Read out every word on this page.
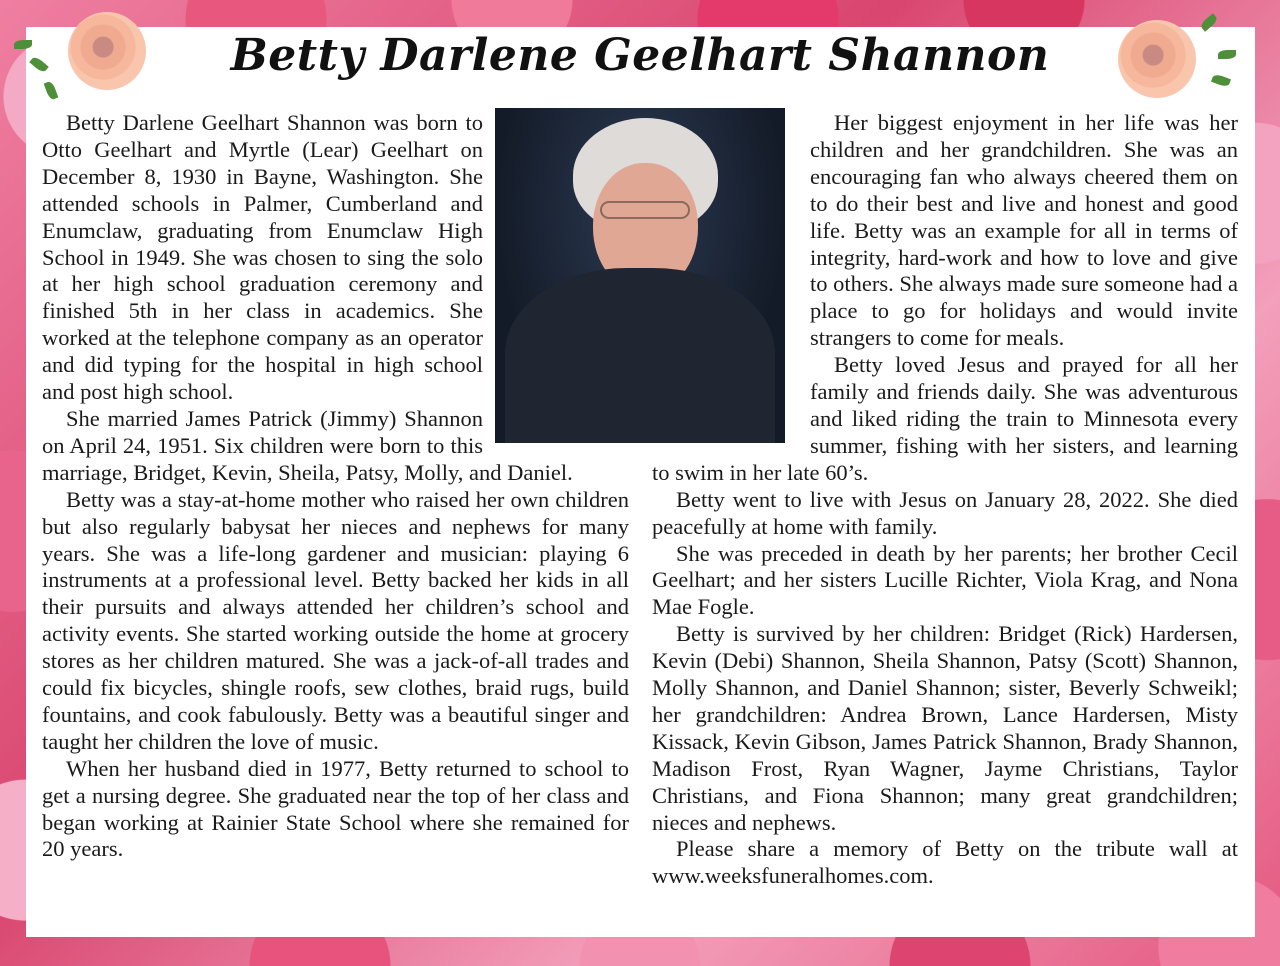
Betty Darlene Geelhart Shannon

Betty Darlene Geelhart Shannon was born to Otto Geelhart and Myrtle (Lear) Geelhart on December 8, 1930 in Bayne, Washington. She attended schools in Palmer, Cumberland and Enumclaw, graduating from Enumclaw High School in 1949. She was chosen to sing the solo at her high school graduation ceremony and finished 5th in her class in academics. She worked at the telephone company as an operator and did typing for the hospital in high school and post high school.

She married James Patrick (Jimmy) Shannon on April 24, 1951. Six children were born to this marriage, Bridget, Kevin, Sheila, Patsy, Molly, and Daniel.

Betty was a stay-at-home mother who raised her own children but also regularly babysat her nieces and nephews for many years. She was a life-long gardener and musician: playing 6 instruments at a professional level. Betty backed her kids in all their pursuits and always attended her children’s school and activity events. She started working outside the home at grocery stores as her children matured. She was a jack-of-all trades and could fix bicycles, shingle roofs, sew clothes, braid rugs, build fountains, and cook fabulously. Betty was a beautiful singer and taught her children the love of music.

When her husband died in 1977, Betty returned to school to get a nursing degree. She graduated near the top of her class and began working at Rainier State School where she remained for 20 years.

Her biggest enjoyment in her life was her children and her grandchildren. She was an encouraging fan who always cheered them on to do their best and live and honest and good life. Betty was an example for all in terms of integrity, hard-work and how to love and give to others. She always made sure someone had a place to go for holidays and would invite strangers to come for meals.

Betty loved Jesus and prayed for all her family and friends daily. She was adventurous and liked riding the train to Minnesota every summer, fishing with her sisters, and learning to swim in her late 60’s.

Betty went to live with Jesus on January 28, 2022. She died peacefully at home with family.

She was preceded in death by her parents; her brother Cecil Geelhart; and her sisters Lucille Richter, Viola Krag, and Nona Mae Fogle.

Betty is survived by her children: Bridget (Rick) Hardersen, Kevin (Debi) Shannon, Sheila Shannon, Patsy (Scott) Shannon, Molly Shannon, and Daniel Shannon; sister, Beverly Schweikl; her grandchildren: Andrea Brown, Lance Hardersen, Misty Kissack, Kevin Gibson, James Patrick Shannon, Brady Shannon, Madison Frost, Ryan Wagner, Jayme Christians, Taylor Christians, and Fiona Shannon; many great grandchildren; nieces and nephews.

Please share a memory of Betty on the tribute wall at www.weeksfuneralhomes.com.
